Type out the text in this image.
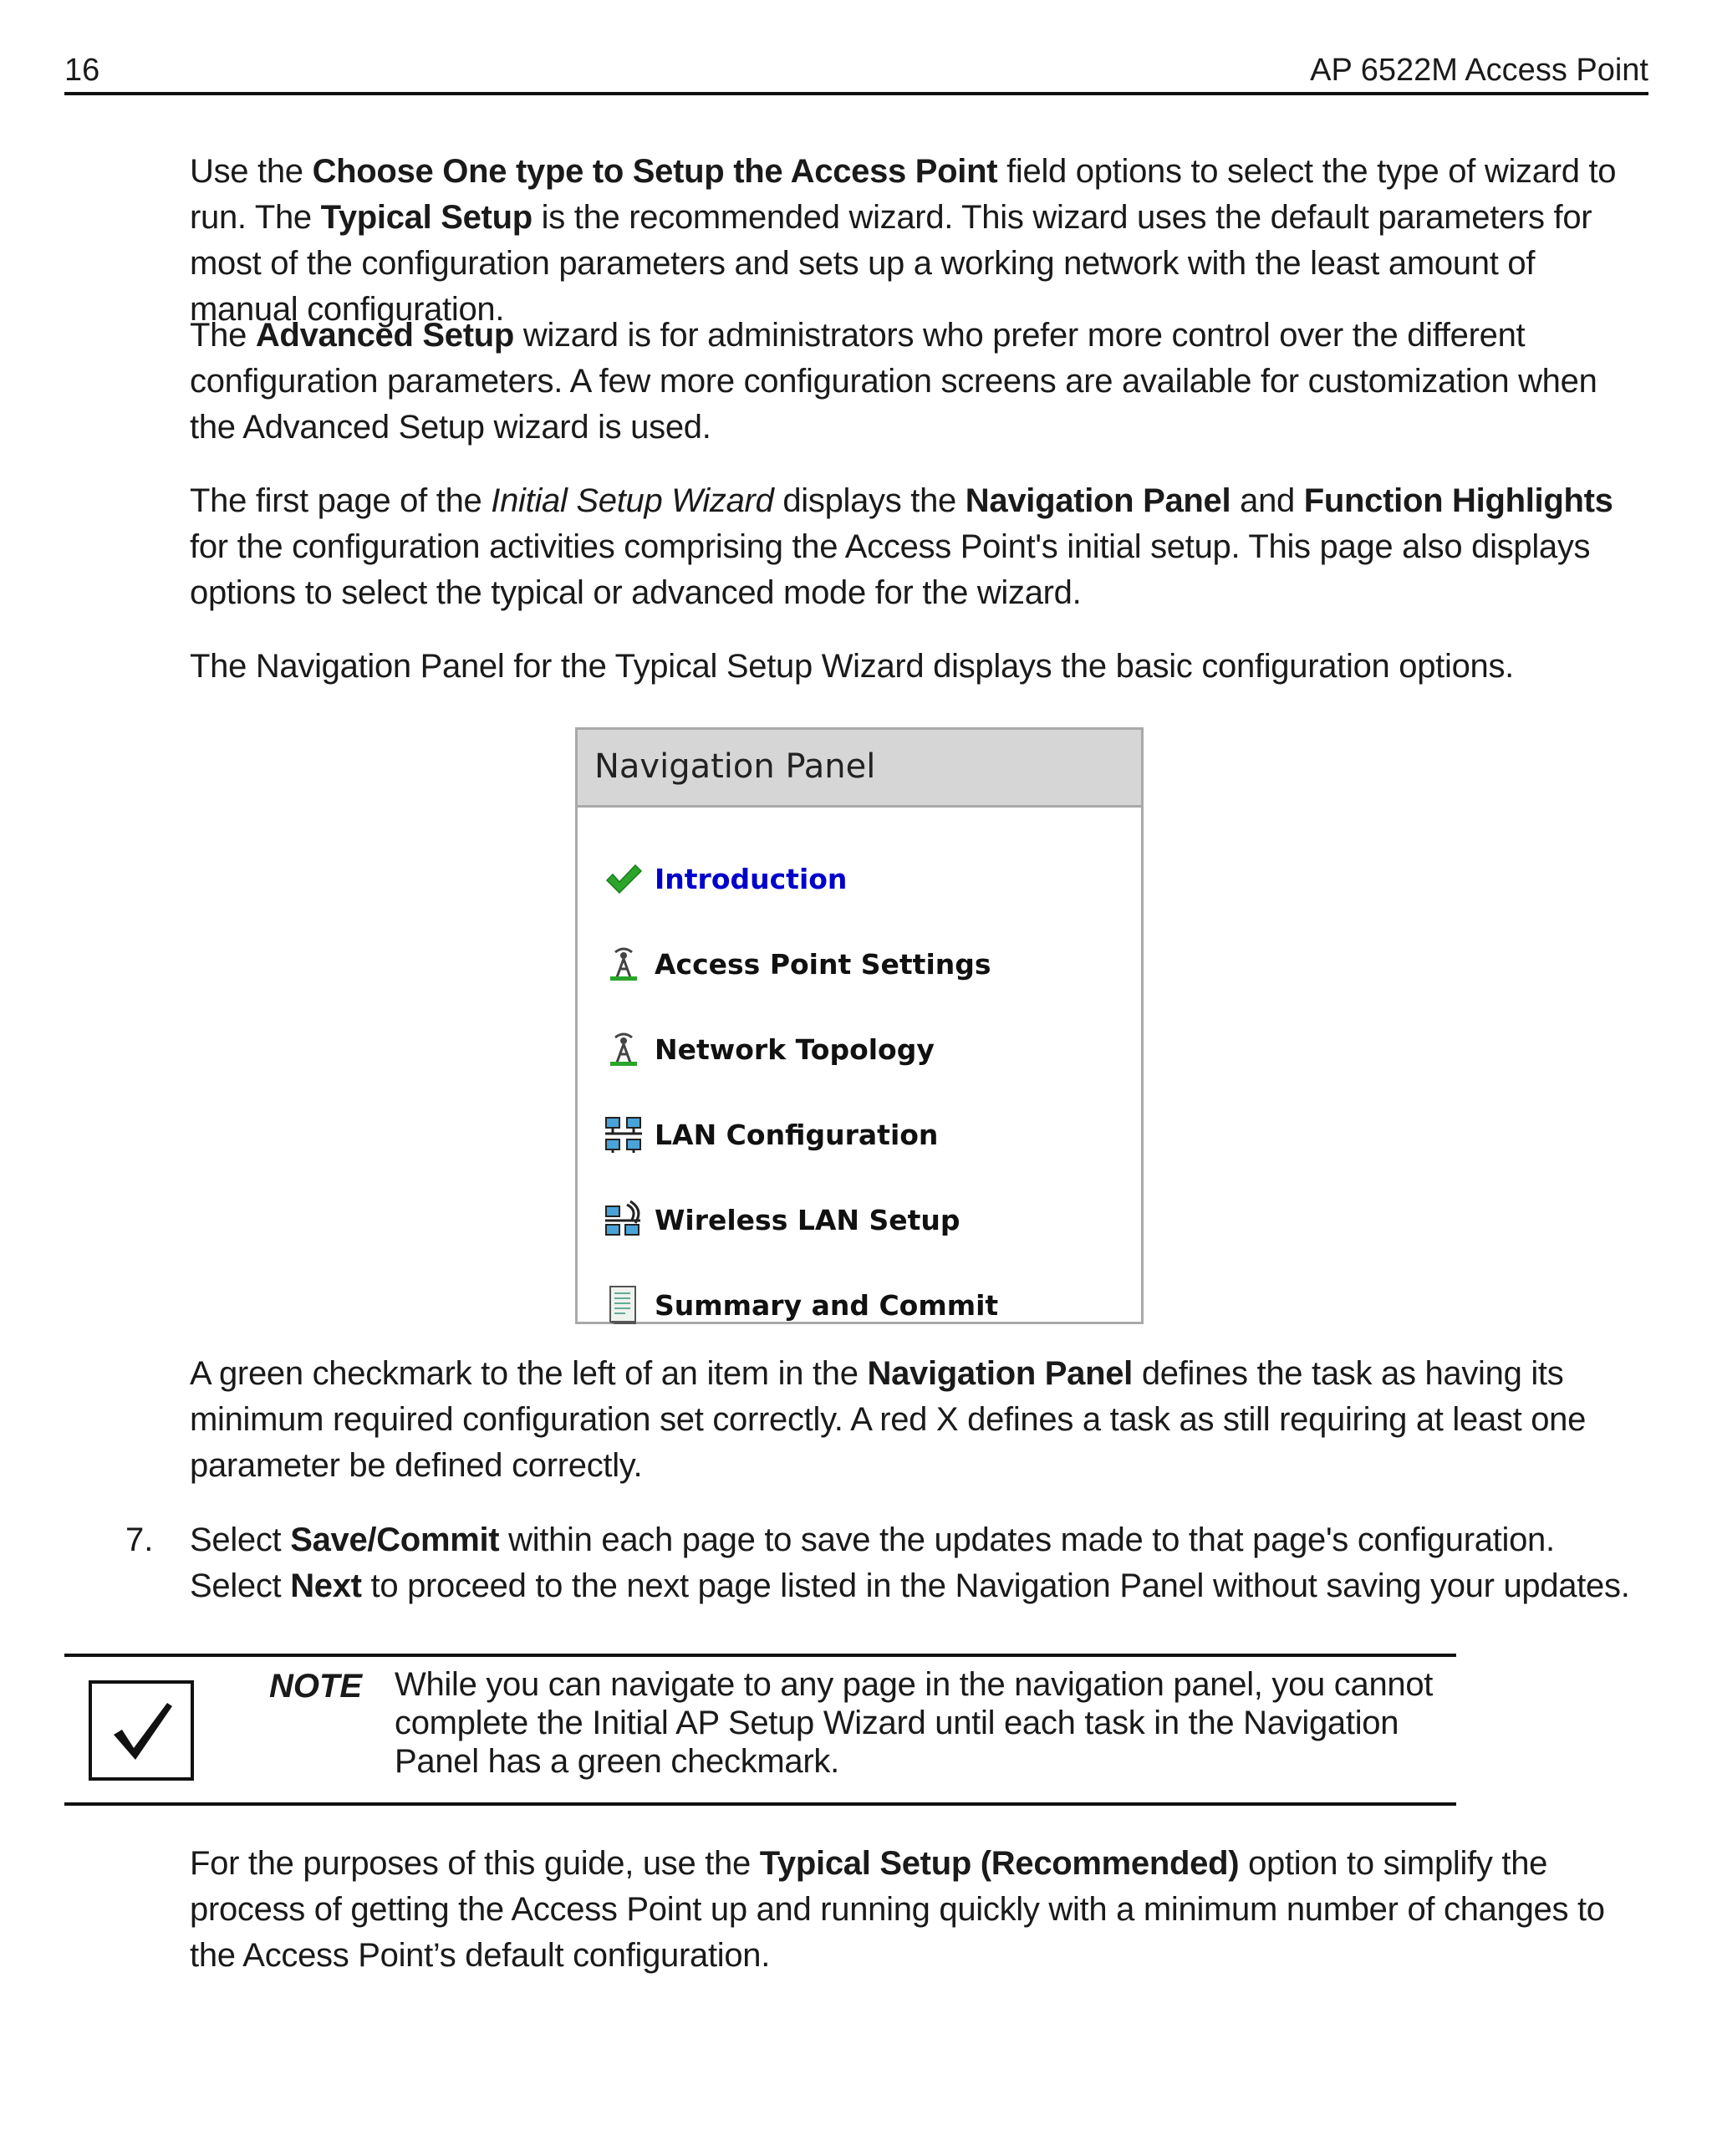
16	AP 6522M Access Point
Use the Choose One type to Setup the Access Point field options to select the type of wizard to run. The Typical Setup is the recommended wizard. This wizard uses the default parameters for most of the configuration parameters and sets up a working network with the least amount of manual configuration.
The Advanced Setup wizard is for administrators who prefer more control over the different configuration parameters. A few more configuration screens are available for customization when the Advanced Setup wizard is used.
The first page of the Initial Setup Wizard displays the Navigation Panel and Function Highlights for the configuration activities comprising the Access Point's initial setup. This page also displays options to select the typical or advanced mode for the wizard.
The Navigation Panel for the Typical Setup Wizard displays the basic configuration options.
Navigation Panel
Introduction
Access Point Settings
Network Topology
LAN Configuration
Wireless LAN Setup
Summary and Commit
A green checkmark to the left of an item in the Navigation Panel defines the task as having its minimum required configuration set correctly. A red X defines a task as still requiring at least one parameter be defined correctly.
7. Select Save/Commit within each page to save the updates made to that page's configuration. Select Next to proceed to the next page listed in the Navigation Panel without saving your updates.
NOTE While you can navigate to any page in the navigation panel, you cannot complete the Initial AP Setup Wizard until each task in the Navigation Panel has a green checkmark.
For the purposes of this guide, use the Typical Setup (Recommended) option to simplify the process of getting the Access Point up and running quickly with a minimum number of changes to the Access Point’s default configuration.
